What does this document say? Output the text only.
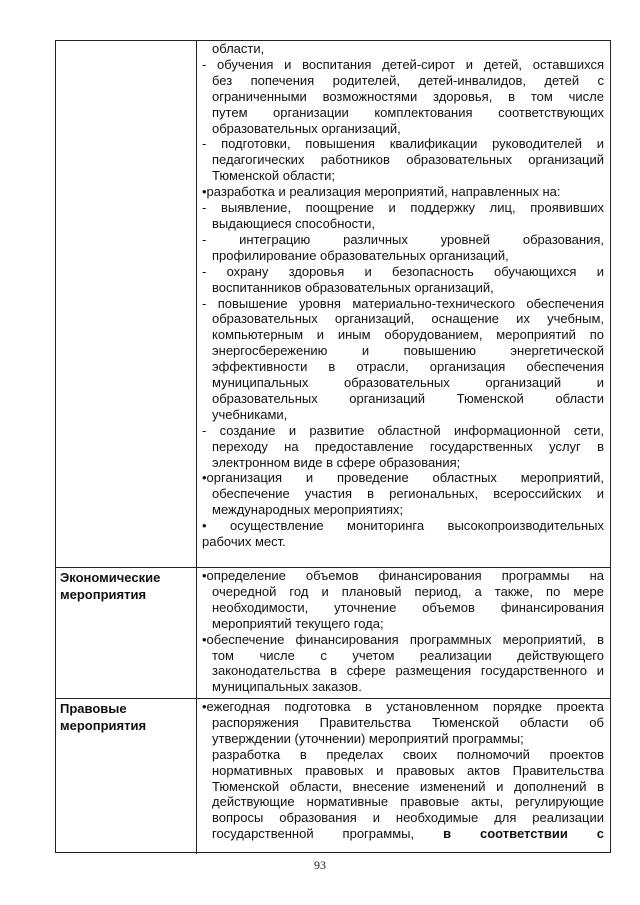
области,

- обучения и воспитания детей-сирот и детей, оставшихся

без попечения родителей, детей-инвалидов, детей с

ограниченными возможностями здоровья, в том числе

путем организации комплектования соответствующих

образовательных организаций,

- подготовки, повышения квалификации руководителей и

педагогических работников образовательных организаций

Тюменской области;

•разработка и реализация мероприятий, направленных на:

- выявление, поощрение и поддержку лиц, проявивших

выдающиеся способности,

- интеграцию различных уровней образования,

профилирование образовательных организаций,

- охрану здоровья и безопасность обучающихся и

воспитанников образовательных организаций,

- повышение уровня материально-технического обеспечения

образовательных организаций, оснащение их учебным,

компьютерным и иным оборудованием, мероприятий по

энергосбережению и повышению энергетической

эффективности в отрасли, организация обеспечения

муниципальных образовательных организаций и

образовательных организаций Тюменской области

учебниками,

- создание и развитие областной информационной сети,

переходу на предоставление государственных услуг в

электронном виде в сфере образования;

•организация и проведение областных мероприятий,

обеспечение участия в региональных, всероссийских и

международных мероприятиях;

• осуществление мониторинга высокопроизводительных

рабочих мест.

Экономические мероприятия

•определение объемов финансирования программы на

очередной год и плановый период, а также, по мере

необходимости, уточнение объемов финансирования

мероприятий текущего года;

•обеспечение финансирования программных мероприятий, в

том числе с учетом реализации действующего

законодательства в сфере размещения государственного и

муниципальных заказов.

Правовые мероприятия

•ежегодная подготовка в установленном порядке проекта

распоряжения Правительства Тюменской области об

утверждении (уточнении) мероприятий программы;

разработка в пределах своих полномочий проектов

нормативных правовых и правовых актов Правительства

Тюменской области, внесение изменений и дополнений в

действующие нормативные правовые акты, регулирующие

вопросы образования и необходимые для реализации

государственной программы, в соответствии с

93
